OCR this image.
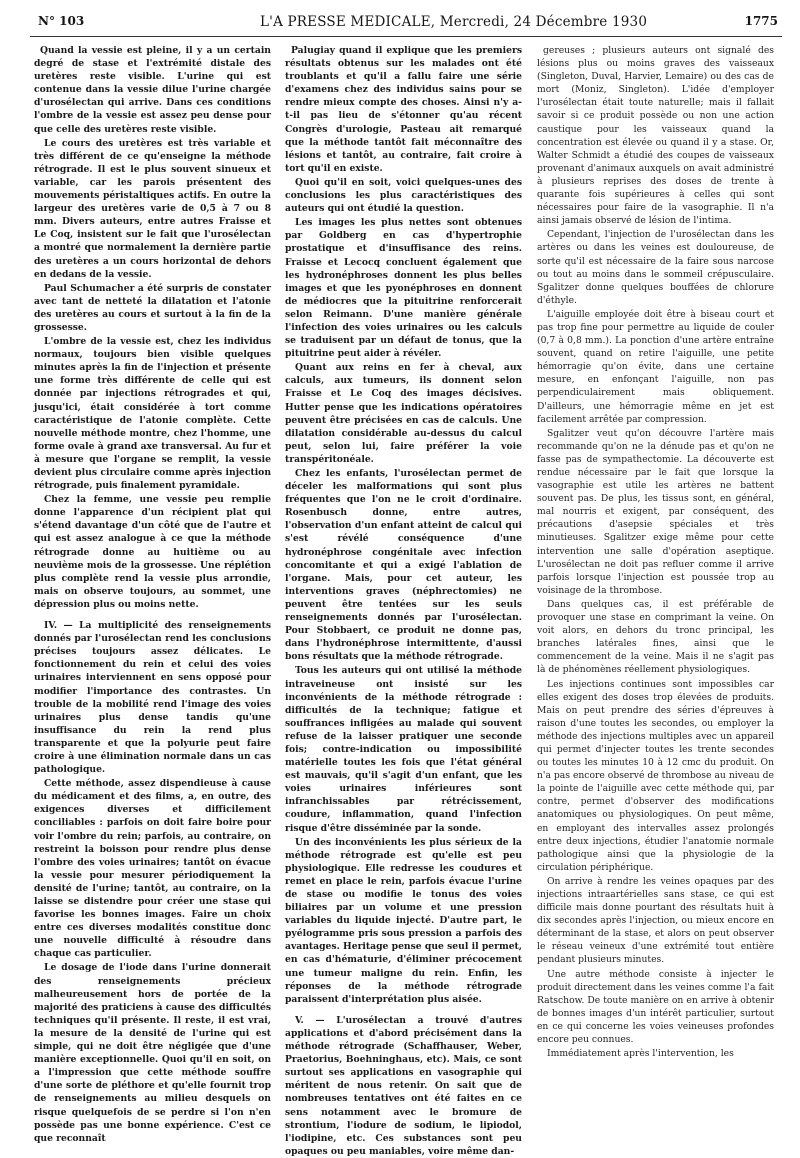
N° 103	L'A PRESSE MEDICALE, Mercredi, 24 Décembre 1930	1775

Quand la vessie est pleine, il y a un certain degré de stase et l'extrémité distale des uretères reste visible. L'urine qui est contenue dans la vessie dilue l'urine chargée d'urosélectan qui arrive. Dans ces conditions l'ombre de la vessie est assez peu dense pour que celle des uretères reste visible.

Le cours des uretères est très variable et très différent de ce qu'enseigne la méthode rétrograde. Il est le plus souvent sinueux et variable, car les parois présentent des mouvements péristaltiques actifs. En outre la largeur des uretères varie de 0,5 à 7 ou 8 mm. Divers auteurs, entre autres Fraisse et Le Coq, insistent sur le fait que l'urosélectan a montré que normalement la dernière partie des uretères a un cours horizontal de dehors en dedans de la vessie.

Paul Schumacher a été surpris de constater avec tant de netteté la dilatation et l'atonie des uretères au cours et surtout à la fin de la grossesse.

L'ombre de la vessie est, chez les individus normaux, toujours bien visible quelques minutes après la fin de l'injection et présente une forme très différente de celle qui est donnée par injections rétrogrades et qui, jusqu'ici, était considérée à tort comme caractéristique de l'atonie complète. Cette nouvelle méthode montre, chez l'homme, une forme ovale à grand axe transversal. Au fur et à mesure que l'organe se remplit, la vessie devient plus circulaire comme après injection rétrograde, puis finalement pyramidale.

Chez la femme, une vessie peu remplie donne l'apparence d'un récipient plat qui s'étend davantage d'un côté que de l'autre et qui est assez analogue à ce que la méthode rétrograde donne au huitième ou au neuvième mois de la grossesse. Une réplétion plus complète rend la vessie plus arrondie, mais on observe toujours, au sommet, une dépression plus ou moins nette.

IV. — La multiplicité des renseignements donnés par l'urosélectan rend les conclusions précises toujours assez délicates. Le fonctionnement du rein et celui des voies urinaires interviennent en sens opposé pour modifier l'importance des contrastes. Un trouble de la mobilité rend l'image des voies urinaires plus dense tandis qu'une insuffisance du rein la rend plus transparente et que la polyurie peut faire croire à une élimination normale dans un cas pathologique.

Cette méthode, assez dispendieuse à cause du médicament et des films, a, en outre, des exigences diverses et difficilement conciliables : parfois on doit faire boire pour voir l'ombre du rein; parfois, au contraire, on restreint la boisson pour rendre plus dense l'ombre des voies urinaires; tantôt on évacue la vessie pour mesurer périodiquement la densité de l'urine; tantôt, au contraire, on la laisse se distendre pour créer une stase qui favorise les bonnes images. Faire un choix entre ces diverses modalités constitue donc une nouvelle difficulté à résoudre dans chaque cas particulier.

Le dosage de l'iode dans l'urine donnerait des renseignements précieux malheureusement hors de portée de la majorité des praticiens à cause des difficultés techniques qu'il présente. Il reste, il est vrai, la mesure de la densité de l'urine qui est simple, qui ne doit être négligée que d'une manière exceptionnelle. Quoi qu'il en soit, on a l'impression que cette méthode souffre d'une sorte de pléthore et qu'elle fournit trop de renseignements au milieu desquels on risque quelquefois de se perdre si l'on n'en possède pas une bonne expérience. C'est ce que reconnaît

Palugiay quand il explique que les premiers résultats obtenus sur les malades ont été troublants et qu'il a fallu faire une série d'examens chez des individus sains pour se rendre mieux compte des choses. Ainsi n'y a-t-il pas lieu de s'étonner qu'au récent Congrès d'urologie, Pasteau ait remarqué que la méthode tantôt fait méconnaître des lésions et tantôt, au contraire, fait croire à tort qu'il en existe.

Quoi qu'il en soit, voici quelques-unes des conclusions les plus caractéristiques des auteurs qui ont étudié la question.

Les images les plus nettes sont obtenues par Goldberg en cas d'hypertrophie prostatique et d'insuffisance des reins. Fraisse et Lecocq concluent également que les hydronéphroses donnent les plus belles images et que les pyonéphroses en donnent de médiocres que la pituitrine renforcerait selon Reimann. D'une manière générale l'infection des voies urinaires ou les calculs se traduisent par un défaut de tonus, que la pituitrine peut aider à révéler.

Quant aux reins en fer à cheval, aux calculs, aux tumeurs, ils donnent selon Fraisse et Le Coq des images décisives. Hutter pense que les indications opératoires peuvent être précisées en cas de calculs. Une dilatation considérable au-dessus du calcul peut, selon lui, faire préférer la voie transpéritonéale.

Chez les enfants, l'urosélectan permet de déceler les malformations qui sont plus fréquentes que l'on ne le croit d'ordinaire. Rosenbusch donne, entre autres, l'observation d'un enfant atteint de calcul qui s'est révélé conséquence d'une hydronéphrose congénitale avec infection concomitante et qui a exigé l'ablation de l'organe. Mais, pour cet auteur, les interventions graves (néphrectomies) ne peuvent être tentées sur les seuls renseignements donnés par l'urosélectan. Pour Stobbaert, ce produit ne donne pas, dans l'hydronéphrose intermittente, d'aussi bons résultats que la méthode rétrograde.

Tous les auteurs qui ont utilisé la méthode intraveineuse ont insisté sur les inconvénients de la méthode rétrograde : difficultés de la technique; fatigue et souffrances infligées au malade qui souvent refuse de la laisser pratiquer une seconde fois; contre-indication ou impossibilité matérielle toutes les fois que l'état général est mauvais, qu'il s'agit d'un enfant, que les voies urinaires inférieures sont infranchissables par rétrécissement, coudure, inflammation, quand l'infection risque d'être disséminée par la sonde.

Un des inconvénients les plus sérieux de la méthode rétrograde est qu'elle est peu physiologique. Elle redresse les coudures et remet en place le rein, parfois évacue l'urine de stase ou modifie le tonus des voies biliaires par un volume et une pression variables du liquide injecté. D'autre part, le pyélogramme pris sous pression a parfois des avantages. Heritage pense que seul il permet, en cas d'hématurie, d'éliminer précocement une tumeur maligne du rein. Enfin, les réponses de la méthode rétrograde paraissent d'interprétation plus aisée.

V. — L'urosélectan a trouvé d'autres applications et d'abord précisément dans la méthode rétrograde (Schaffhauser, Weber, Praetorius, Boehninghaus, etc). Mais, ce sont surtout ses applications en vasographie qui méritent de nous retenir. On sait que de nombreuses tentatives ont été faites en ce sens notamment avec le bromure de strontium, l'iodure de sodium, le lipiodol, l'iodipine, etc. Ces substances sont peu opaques ou peu maniables, voire même dan-

gereuses ; plusieurs auteurs ont signalé des lésions plus ou moins graves des vaisseaux (Singleton, Duval, Harvier, Lemaire) ou des cas de mort (Moniz, Singleton). L'idée d'employer l'urosélectan était toute naturelle; mais il fallait savoir si ce produit possède ou non une action caustique pour les vaisseaux quand la concentration est élevée ou quand il y a stase. Or, Walter Schmidt a étudié des coupes de vaisseaux provenant d'animaux auxquels on avait administré à plusieurs reprises des doses de trente à quarante fois supérieures à celles qui sont nécessaires pour faire de la vasographie. Il n'a ainsi jamais observé de lésion de l'intima.

Cependant, l'injection de l'urosélectan dans les artères ou dans les veines est douloureuse, de sorte qu'il est nécessaire de la faire sous narcose ou tout au moins dans le sommeil crépusculaire. Sgalitzer donne quelques bouffées de chlorure d'éthyle.

L'aiguille employée doit être à biseau court et pas trop fine pour permettre au liquide de couler (0,7 à 0,8 mm.). La ponction d'une artère entraîne souvent, quand on retire l'aiguille, une petite hémorragie qu'on évite, dans une certaine mesure, en enfonçant l'aiguille, non pas perpendiculairement mais obliquement. D'ailleurs, une hémorragie même en jet est facilement arrêtée par compression.

Sgalitzer veut qu'on découvre l'artère mais recommande qu'on ne la dénude pas et qu'on ne fasse pas de sympathectomie. La découverte est rendue nécessaire par le fait que lorsque la vasographie est utile les artères ne battent souvent pas. De plus, les tissus sont, en général, mal nourris et exigent, par conséquent, des précautions d'asepsie spéciales et très minutieuses. Sgalitzer exige même pour cette intervention une salle d'opération aseptique. L'urosélectan ne doit pas refluer comme il arrive parfois lorsque l'injection est poussée trop au voisinage de la thrombose.

Dans quelques cas, il est préférable de provoquer une stase en comprimant la veine. On voit alors, en dehors du tronc principal, les branches latérales fines, ainsi que le commencement de la veine. Mais il ne s'agit pas là de phénomènes réellement physiologiques.

Les injections continues sont impossibles car elles exigent des doses trop élevées de produits. Mais on peut prendre des séries d'épreuves à raison d'une toutes les secondes, ou employer la méthode des injections multiples avec un appareil qui permet d'injecter toutes les trente secondes ou toutes les minutes 10 à 12 cmc du produit. On n'a pas encore observé de thrombose au niveau de la pointe de l'aiguille avec cette méthode qui, par contre, permet d'observer des modifications anatomiques ou physiologiques. On peut même, en employant des intervalles assez prolongés entre deux injections, étudier l'anatomie normale pathologique ainsi que la physiologie de la circulation périphérique.

On arrive à rendre les veines opaques par des injections intraartérielles sans stase, ce qui est difficile mais donne pourtant des résultats huit à dix secondes après l'injection, ou mieux encore en déterminant de la stase, et alors on peut observer le réseau veineux d'une extrémité tout entière pendant plusieurs minutes.

Une autre méthode consiste à injecter le produit directement dans les veines comme l'a fait Ratschow. De toute manière on en arrive à obtenir de bonnes images d'un intérêt particulier, surtout en ce qui concerne les voies veineuses profondes encore peu connues.

Immédiatement après l'intervention, les
